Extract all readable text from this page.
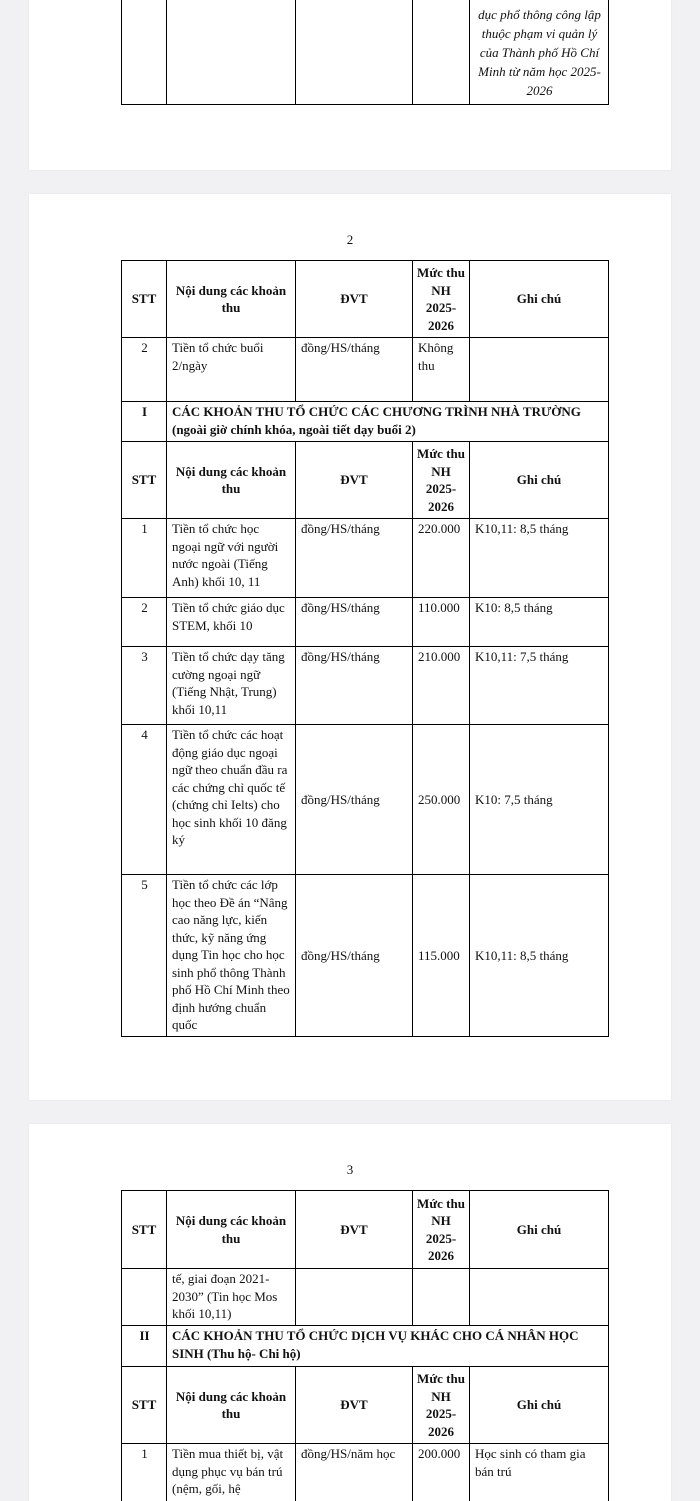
				dục phổ thông công lập thuộc phạm vi quản lý của Thành phố Hồ Chí Minh từ năm học 2025-2026
2
STT	Nội dung các khoản thu	ĐVT	Mức thu NH 2025-2026	Ghi chú
2	Tiền tổ chức buổi 2/ngày	đồng/HS/tháng	Không thu	
I	CÁC KHOẢN THU TỔ CHỨC CÁC CHƯƠNG TRÌNH NHÀ TRƯỜNG (ngoài giờ chính khóa, ngoài tiết dạy buổi 2)			
STT	Nội dung các khoản thu	ĐVT	Mức thu NH 2025-2026	Ghi chú
1	Tiền tổ chức học ngoại ngữ với người nước ngoài (Tiếng Anh) khối 10, 11	đồng/HS/tháng	220.000	K10,11: 8,5 tháng
2	Tiền tổ chức giáo dục STEM, khối 10	đồng/HS/tháng	110.000	K10: 8,5 tháng
3	Tiền tổ chức dạy tăng cường ngoại ngữ (Tiếng Nhật, Trung) khối 10,11	đồng/HS/tháng	210.000	K10,11: 7,5 tháng
4	Tiền tổ chức các hoạt động giáo dục ngoại ngữ theo chuẩn đầu ra các chứng chỉ quốc tế (chứng chỉ Ielts) cho học sinh khối 10 đăng ký	đồng/HS/tháng	250.000	K10: 7,5 tháng
5	Tiền tổ chức các lớp học theo Đề án “Nâng cao năng lực, kiến thức, kỹ năng ứng dụng Tin học cho học sinh phổ thông Thành phố Hồ Chí Minh theo định hướng chuẩn quốc	đồng/HS/tháng	115.000	K10,11: 8,5 tháng
3
STT	Nội dung các khoản thu	ĐVT	Mức thu NH 2025-2026	Ghi chú
	tế, giai đoạn 2021-2030” (Tin học Mos khối 10,11)			
II	CÁC KHOẢN THU TỔ CHỨC DỊCH VỤ KHÁC CHO CÁ NHÂN HỌC SINH (Thu hộ- Chi hộ)			
STT	Nội dung các khoản thu	ĐVT	Mức thu NH 2025-2026	Ghi chú
1	Tiền mua thiết bị, vật dụng phục vụ bán trú (nệm, gối, hệ	đồng/HS/năm học	200.000	Học sinh có tham gia bán trú
